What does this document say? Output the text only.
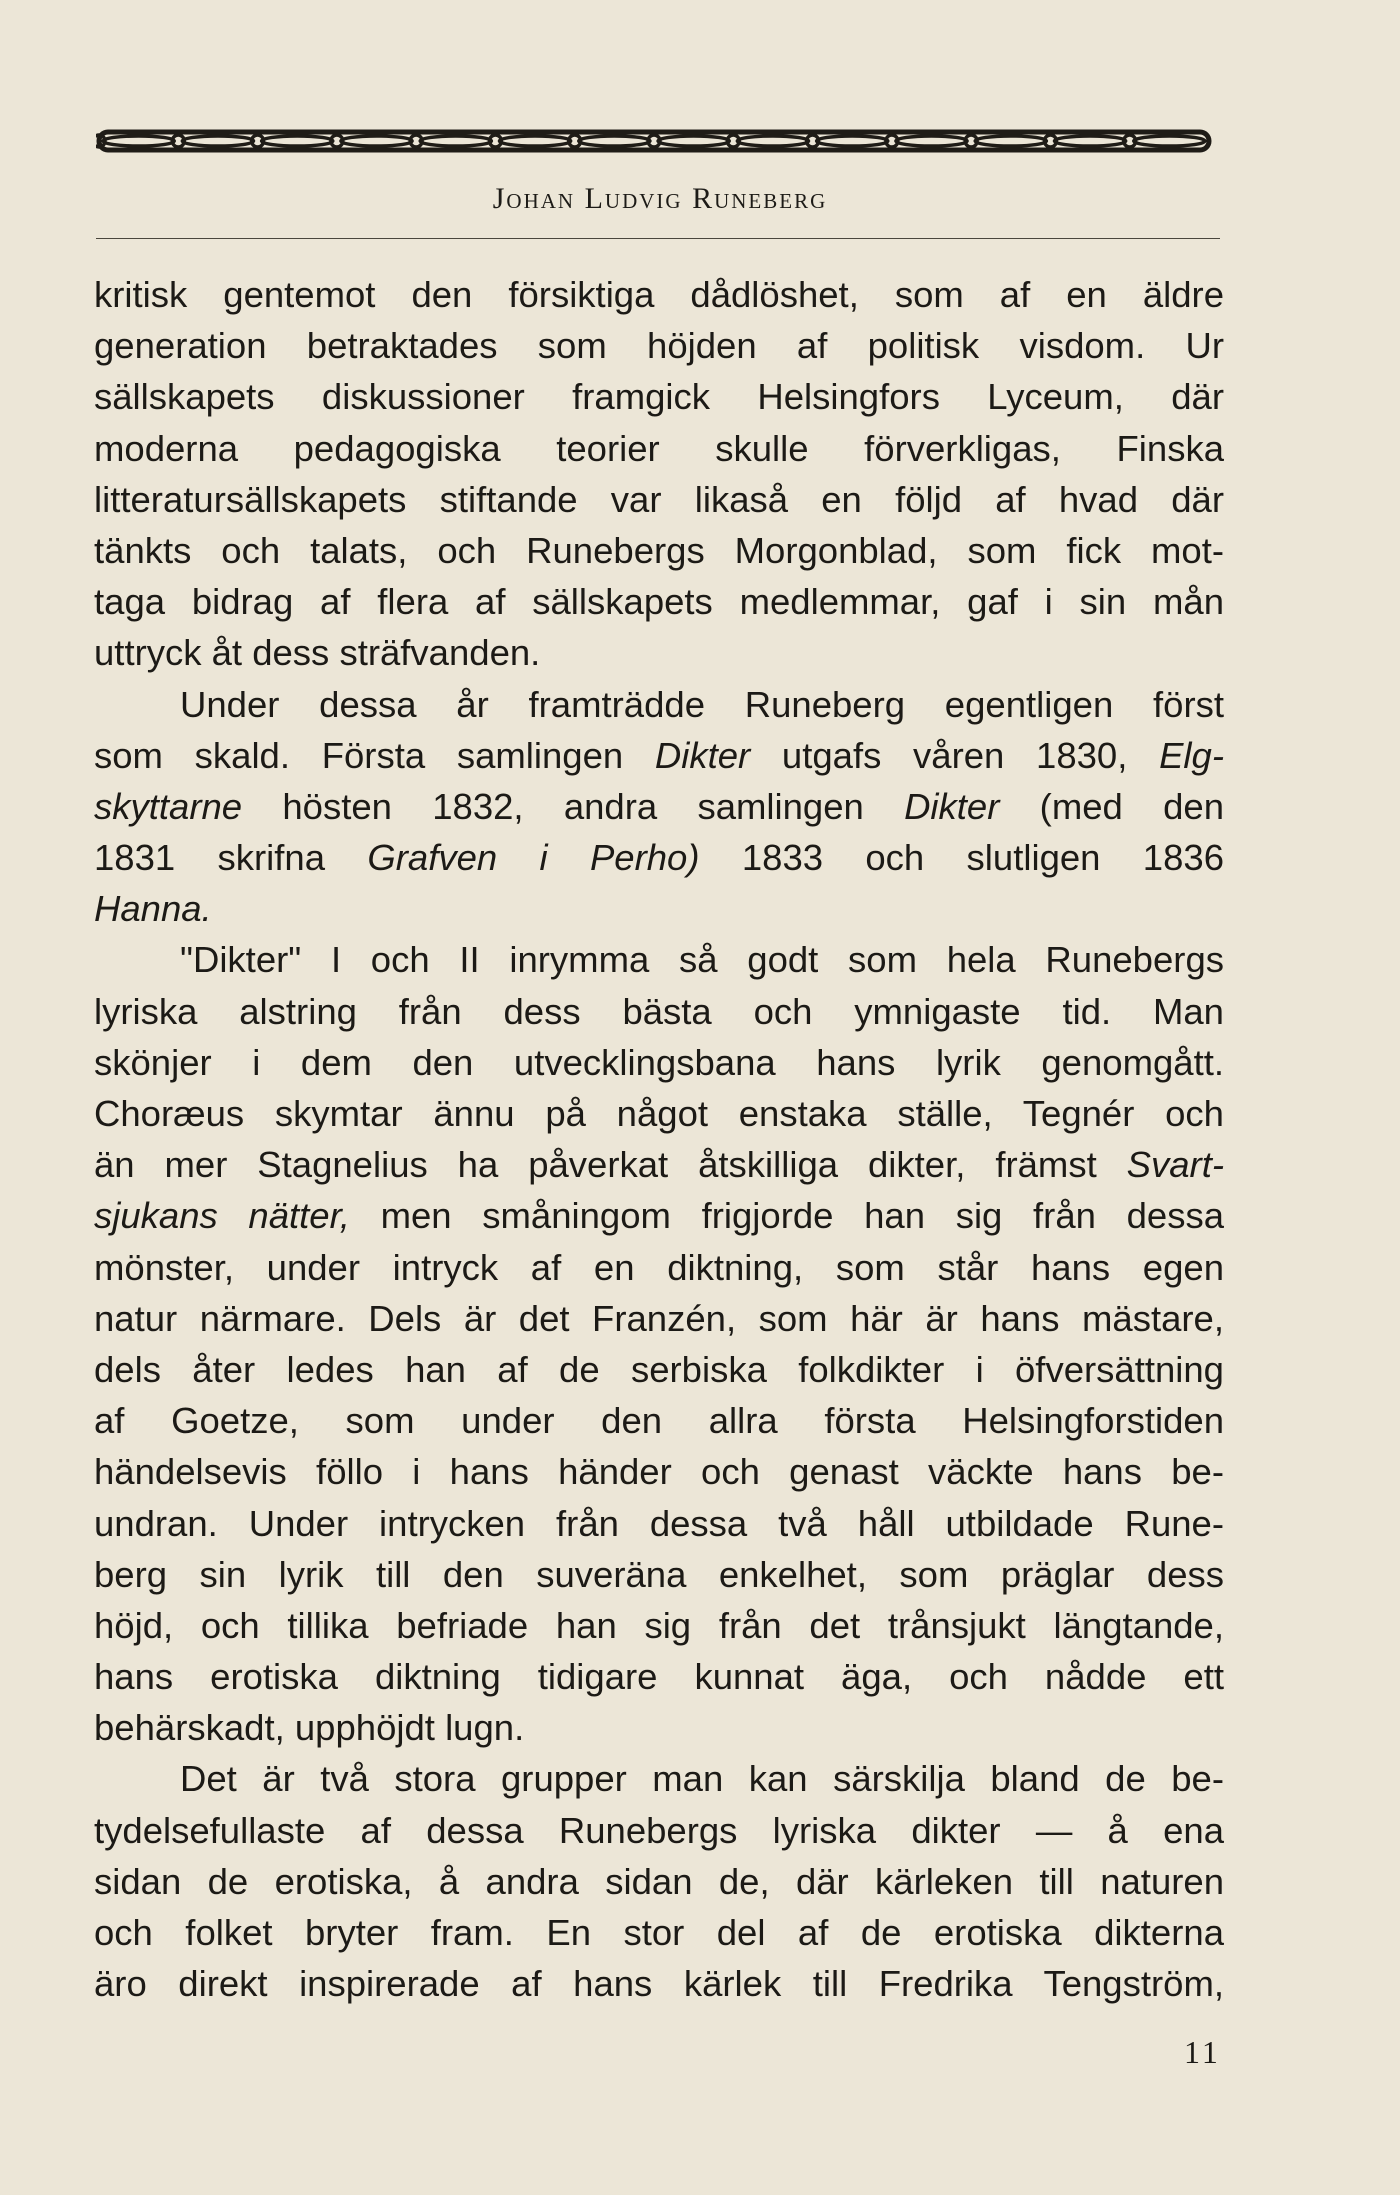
Johan Ludvig Runeberg
kritisk gentemot den försiktiga dådlöshet, som af en äldre
generation betraktades som höjden af politisk visdom. Ur
sällskapets diskussioner framgick Helsingfors Lyceum, där
moderna pedagogiska teorier skulle förverkligas, Finska
litteratursällskapets stiftande var likaså en följd af hvad där
tänkts och talats, och Runebergs Morgonblad, som fick mot-
taga bidrag af flera af sällskapets medlemmar, gaf i sin mån
uttryck åt dess sträfvanden.
Under dessa år framträdde Runeberg egentligen först
som skald. Första samlingen Dikter utgafs våren 1830, Elg-
skyttarne hösten 1832, andra samlingen Dikter (med den
1831 skrifna Grafven i Perho) 1833 och slutligen 1836
Hanna.
"Dikter" I och II inrymma så godt som hela Runebergs
lyriska alstring från dess bästa och ymnigaste tid. Man
skönjer i dem den utvecklingsbana hans lyrik genomgått.
Choræus skymtar ännu på något enstaka ställe, Tegnér och
än mer Stagnelius ha påverkat åtskilliga dikter, främst Svart-
sjukans nätter, men småningom frigjorde han sig från dessa
mönster, under intryck af en diktning, som står hans egen
natur närmare. Dels är det Franzén, som här är hans mästare,
dels åter ledes han af de serbiska folkdikter i öfversättning
af Goetze, som under den allra första Helsingforstiden
händelsevis föllo i hans händer och genast väckte hans be-
undran. Under intrycken från dessa två håll utbildade Rune-
berg sin lyrik till den suveräna enkelhet, som präglar dess
höjd, och tillika befriade han sig från det trånsjukt längtande,
hans erotiska diktning tidigare kunnat äga, och nådde ett
behärskadt, upphöjdt lugn.
Det är två stora grupper man kan särskilja bland de be-
tydelsefullaste af dessa Runebergs lyriska dikter — å ena
sidan de erotiska, å andra sidan de, där kärleken till naturen
och folket bryter fram. En stor del af de erotiska dikterna
äro direkt inspirerade af hans kärlek till Fredrika Tengström,
11
